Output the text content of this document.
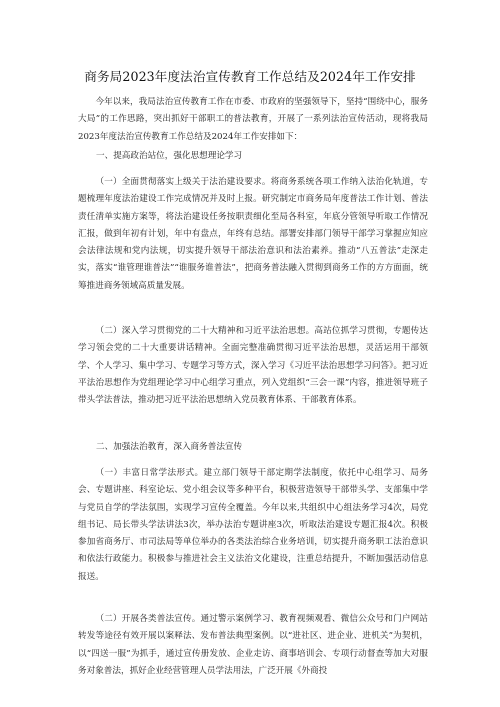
商务局2023年度法治宣传教育工作总结及2024年工作安排

今年以来，我局法治宣传教育工作在市委、市政府的坚强领导下，坚持“围绕中心，服务大局”的工作思路，突出抓好干部职工的普法教育，开展了一系列法治宣传活动，现将我局2023年度法治宣传教育工作总结及2024年工作安排如下：

一、提高政治站位，强化思想理论学习

（一）全面贯彻落实上级关于法治建设要求。将商务系统各项工作纳入法治化轨道，专题梳理年度法治建设工作完成情况并及时上报。研究制定市商务局年度普法工作计划、普法责任清单实施方案等，将法治建设任务按职责细化至局各科室，年底分管领导听取工作情况汇报，做到年初有计划，年中有盘点，年终有总结。部署安排部门领导干部学习掌握应知应会法律法规和党内法规，切实提升领导干部法治意识和法治素养。推动“八五普法”走深走实，落实“谁管理谁普法”“谁服务谁普法”，把商务普法融入贯彻到商务工作的方方面面，统筹推进商务领域高质量发展。

（二）深入学习贯彻党的二十大精神和习近平法治思想。高站位抓学习贯彻，专题传达学习领会党的二十大重要讲话精神。全面完整准确贯彻习近平法治思想，灵活运用干部领学、个人学习、集中学习、专题学习等方式，深入学习《习近平法治思想学习问答》。把习近平法治思想作为党组理论学习中心组学习重点，列入党组织“三会一课”内容，推进领导班子带头学法普法，推动把习近平法治思想纳入党员教育体系、干部教育体系。

二、加强法治教育，深入商务普法宣传

（一）丰富日常学法形式。建立部门领导干部定期学法制度，依托中心组学习、局务会、专题讲座、科室论坛、党小组会议等多种平台，积极营造领导干部带头学、支部集中学与党员自学的学法氛围，实现学习宣传全覆盖。今年以来,共组织中心组法务学习4次，局党组书记、局长带头学法讲法3次，举办法治专题讲座3次，听取法治建设专题汇报4次。积极参加省商务厅、市司法局等单位举办的各类法治综合业务培训，切实提升商务职工法治意识和依法行政能力。积极参与推进社会主义法治文化建设，注重总结提升，不断加强活动信息报送。

（二）开展各类普法宣传。通过警示案例学习、教育视频观看、微信公众号和门户网站转发等途径有效开展以案释法、发布普法典型案例。以“进社区、进企业、进机关”为契机，以“四送一服”为抓手，通过宣传册发放、企业走访、商事培训会、专项行动督查等加大对服务对象普法，抓好企业经营管理人员学法用法，广泛开展《外商投
